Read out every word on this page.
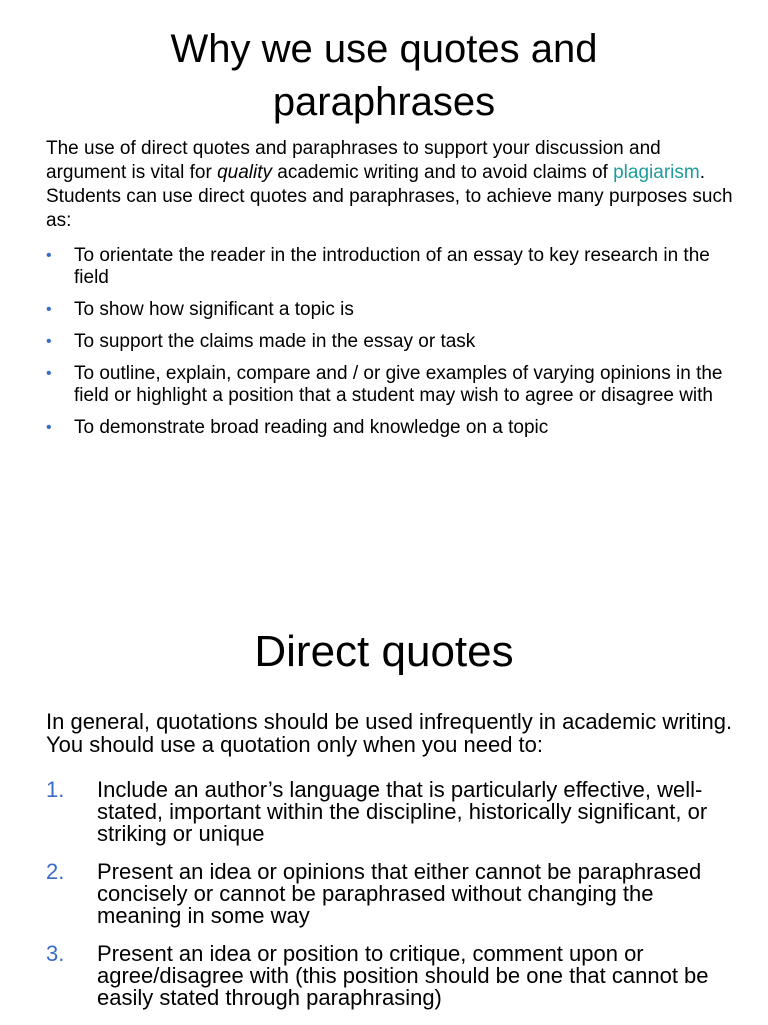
Why we use quotes and
paraphrases

The use of direct quotes and paraphrases to support your discussion and argument is vital for quality academic writing and to avoid claims of plagiarism. Students can use direct quotes and paraphrases, to achieve many purposes such as:

• To orientate the reader in the introduction of an essay to key research in the field
• To show how significant a topic is
• To support the claims made in the essay or task
• To outline, explain, compare and / or give examples of varying opinions in the field or highlight a position that a student may wish to agree or disagree with
• To demonstrate broad reading and knowledge on a topic
Direct quotes

In general, quotations should be used infrequently in academic writing. You should use a quotation only when you need to:

1. Include an author’s language that is particularly effective, well-stated, important within the discipline, historically significant, or striking or unique
2. Present an idea or opinions that either cannot be paraphrased concisely or cannot be paraphrased without changing the meaning in some way
3. Present an idea or position to critique, comment upon or agree/disagree with (this position should be one that cannot be easily stated through paraphrasing)
